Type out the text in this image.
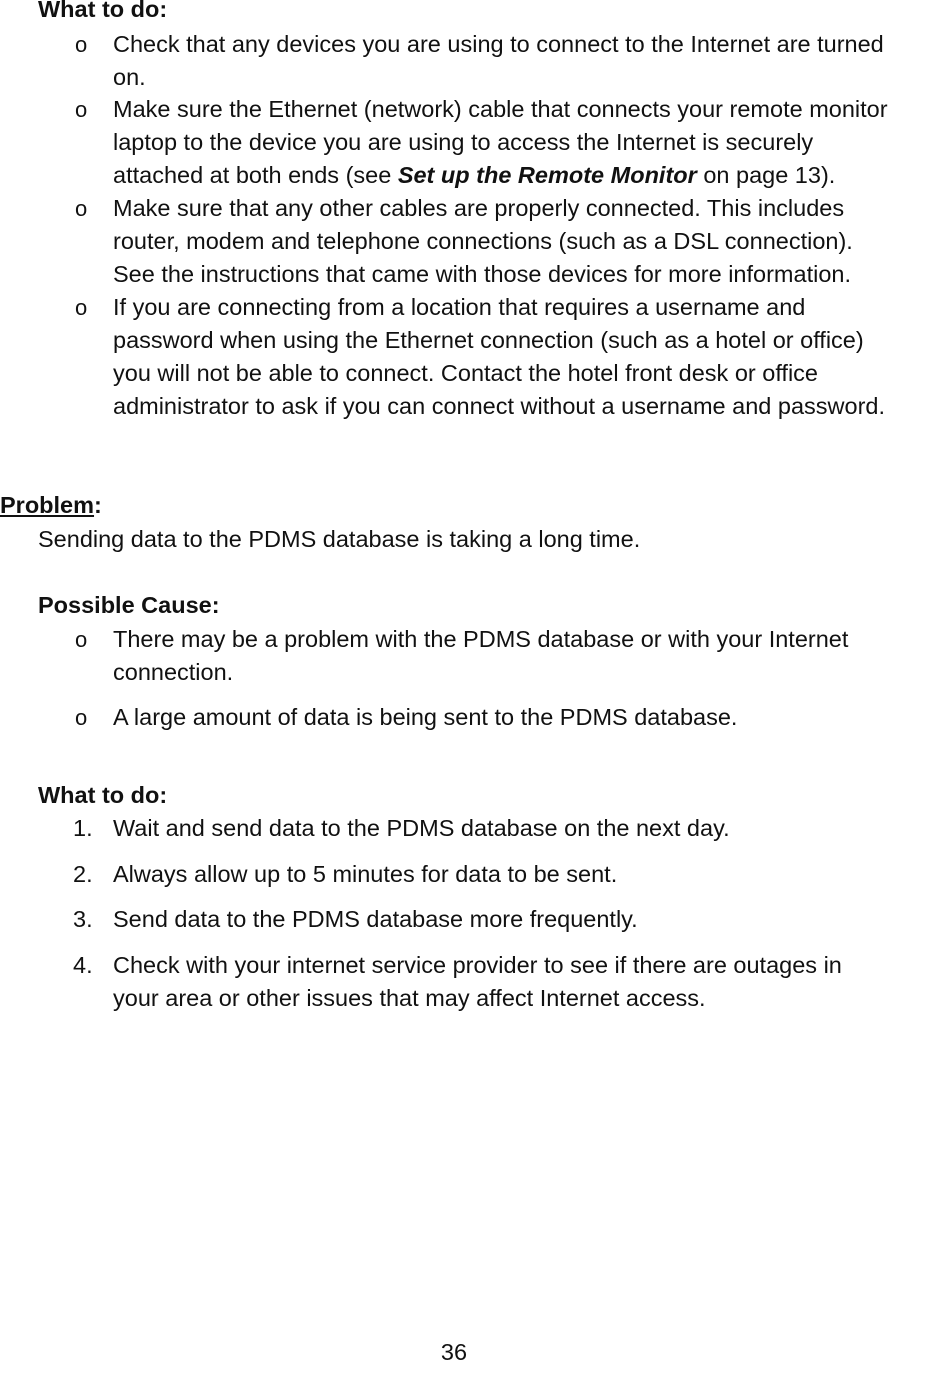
What to do:
o	Check that any devices you are using to connect to the Internet are turned
on.
o	Make sure the Ethernet (network) cable that connects your remote monitor
laptop to the device you are using to access the Internet is securely
attached at both ends (see Set up the Remote Monitor on page 13).
o	Make sure that any other cables are properly connected. This includes
router, modem and telephone connections (such as a DSL connection).
See the instructions that came with those devices for more information.
o	If you are connecting from a location that requires a username and
password when using the Ethernet connection (such as a hotel or office)
you will not be able to connect. Contact the hotel front desk or office
administrator to ask if you can connect without a username and password.
Problem:
Sending data to the PDMS database is taking a long time.
Possible Cause:
o	There may be a problem with the PDMS database or with your Internet
connection.
o	A large amount of data is being sent to the PDMS database.
What to do:
1. Wait and send data to the PDMS database on the next day.
2. Always allow up to 5 minutes for data to be sent.
3. Send data to the PDMS database more frequently.
4. Check with your internet service provider to see if there are outages in
your area or other issues that may affect Internet access.
36
